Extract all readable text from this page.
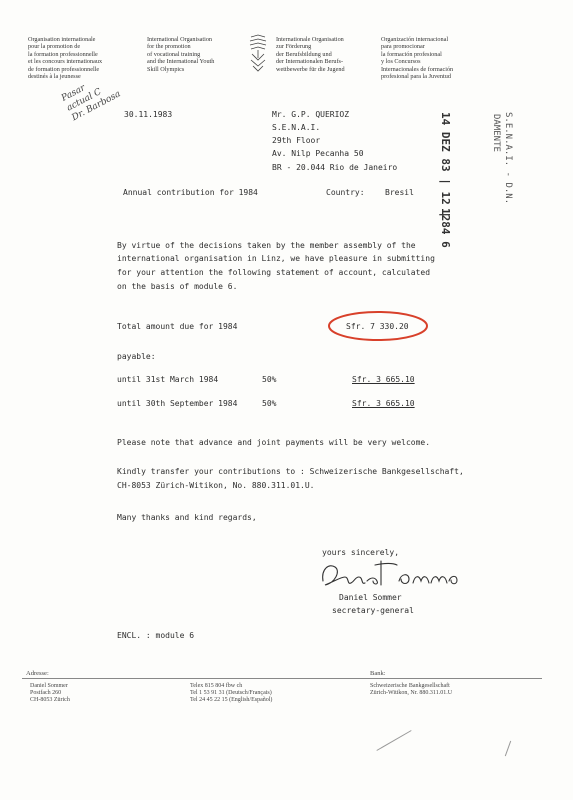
Organisation internationale
pour la promotion de
la formation professionnelle
et les concours internationaux
de formation professionnelle
destinés à la jeunesse
International Organisation
for the promotion
of vocational training
and the International Youth
Skill Olympics
Internationale Organisation
zur Förderung
der Berufsbildung und
der Internationalen Berufs-
wettbewerbe für die Jugend
Organización internacional
para promocionar
la formación profesional
y los Concursos
Internacionales de formación
profesional para la Juventud
Pasar
actual C
Dr. Barbosa 30.11.1983	Mr. G.P. QUERIOZ
S.E.N.A.I.
29th Floor
Av. Nilp Pecanha 50
BR - 20.044 Rio de Janeiro	S.E.N.A.I. - D.N.
DAMENTE
14 DEZ 83 | 12 |
1284 6
Annual contribution for 1984	Country:	Bresil
By virtue of the decisions taken by the member assembly of the
international organisation in Linz, we have pleasure in submitting
for your attention the following statement of account, calculated
on the basis of module 6.
Total amount due for 1984	Sfr. 7 330.20
payable:
until 31st March 1984	50%	Sfr. 3 665.10
until 30th September 1984	50%	Sfr. 3 665.10
Please note that advance and joint payments will be very welcome.
Kindly transfer your contributions to : Schweizerische Bankgesellschaft,
CH-8053 Zürich-Witikon, No. 880.311.01.U.
Many thanks and kind regards,
yours sincerely,
Daniel Sommer
secretary-general
ENCL. : module 6
Adresse:
Daniel Sommer
Postfach 260
CH-8053 Zürich
Telex 815 804 fbw ch
Tel 1 53 91 31 (Deutsch/Français)
Tel 24 45 22 15 (English/Español)
Bank:
Schweizerische Bankgesellschaft
Zürich-Witikon, Nr. 880.311.01.U
